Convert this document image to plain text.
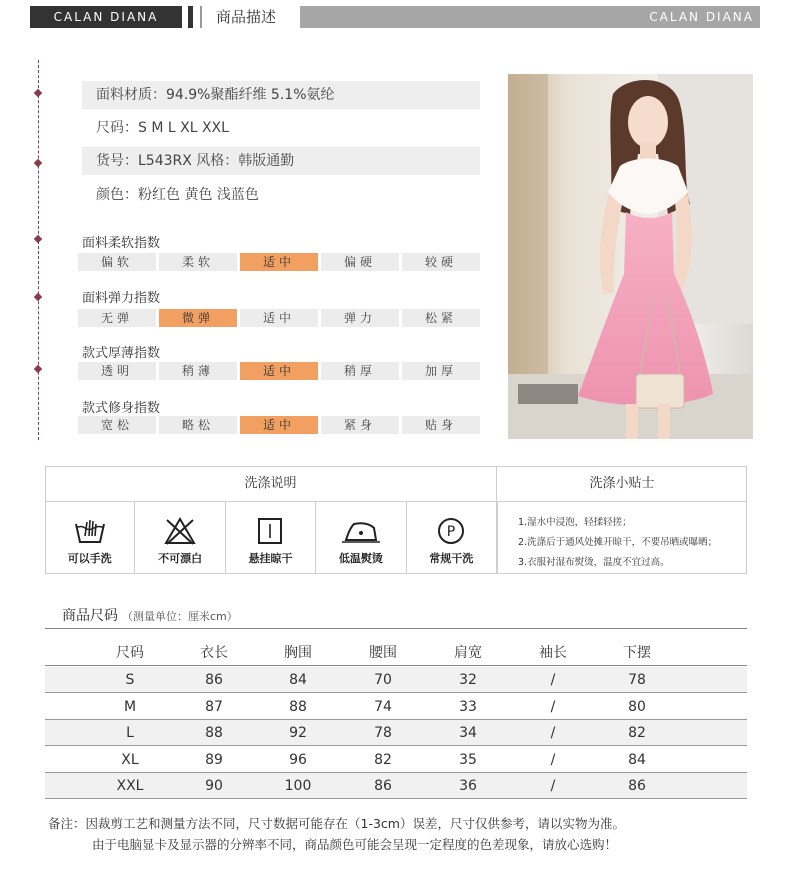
CALAN DIANA	商品描述	CALAN DIANA
面料材质：94.9%聚酯纤维 5.1%氨纶
尺码：S M L XL XXL
货号：L543RX 风格：韩版通勤
颜色：粉红色 黄色 浅蓝色
面料柔软指数
偏软	柔软	适中	偏硬	较硬
面料弹力指数
无弹	微弹	适中	弹力	松紧
款式厚薄指数
透明	稍薄	适中	稍厚	加厚
款式修身指数
宽松	略松	适中	紧身	贴身
洗涤说明	洗涤小贴士
可以手洗	不可漂白	悬挂晾干	低温熨烫
P
常规干洗
1.湿水中浸泡，轻揉轻搓；
2.洗涤后于通风处摊开晾干，不要吊晒或曝晒；
3.衣服衬湿布熨烫，温度不宜过高。
商品尺码 （测量单位：厘米cm）
尺码	衣长	胸围	腰围	肩宽	袖长	下摆
S	86	84	70	32	/	78
M	87	88	74	33	/	80
L	88	92	78	34	/	82
XL	89	96	82	35	/	84
XXL	90	100	86	36	/	86
备注：因裁剪工艺和测量方法不同，尺寸数据可能存在（1-3cm）误差，尺寸仅供参考，请以实物为准。
由于电脑显卡及显示器的分辨率不同，商品颜色可能会呈现一定程度的色差现象，请放心选购！
